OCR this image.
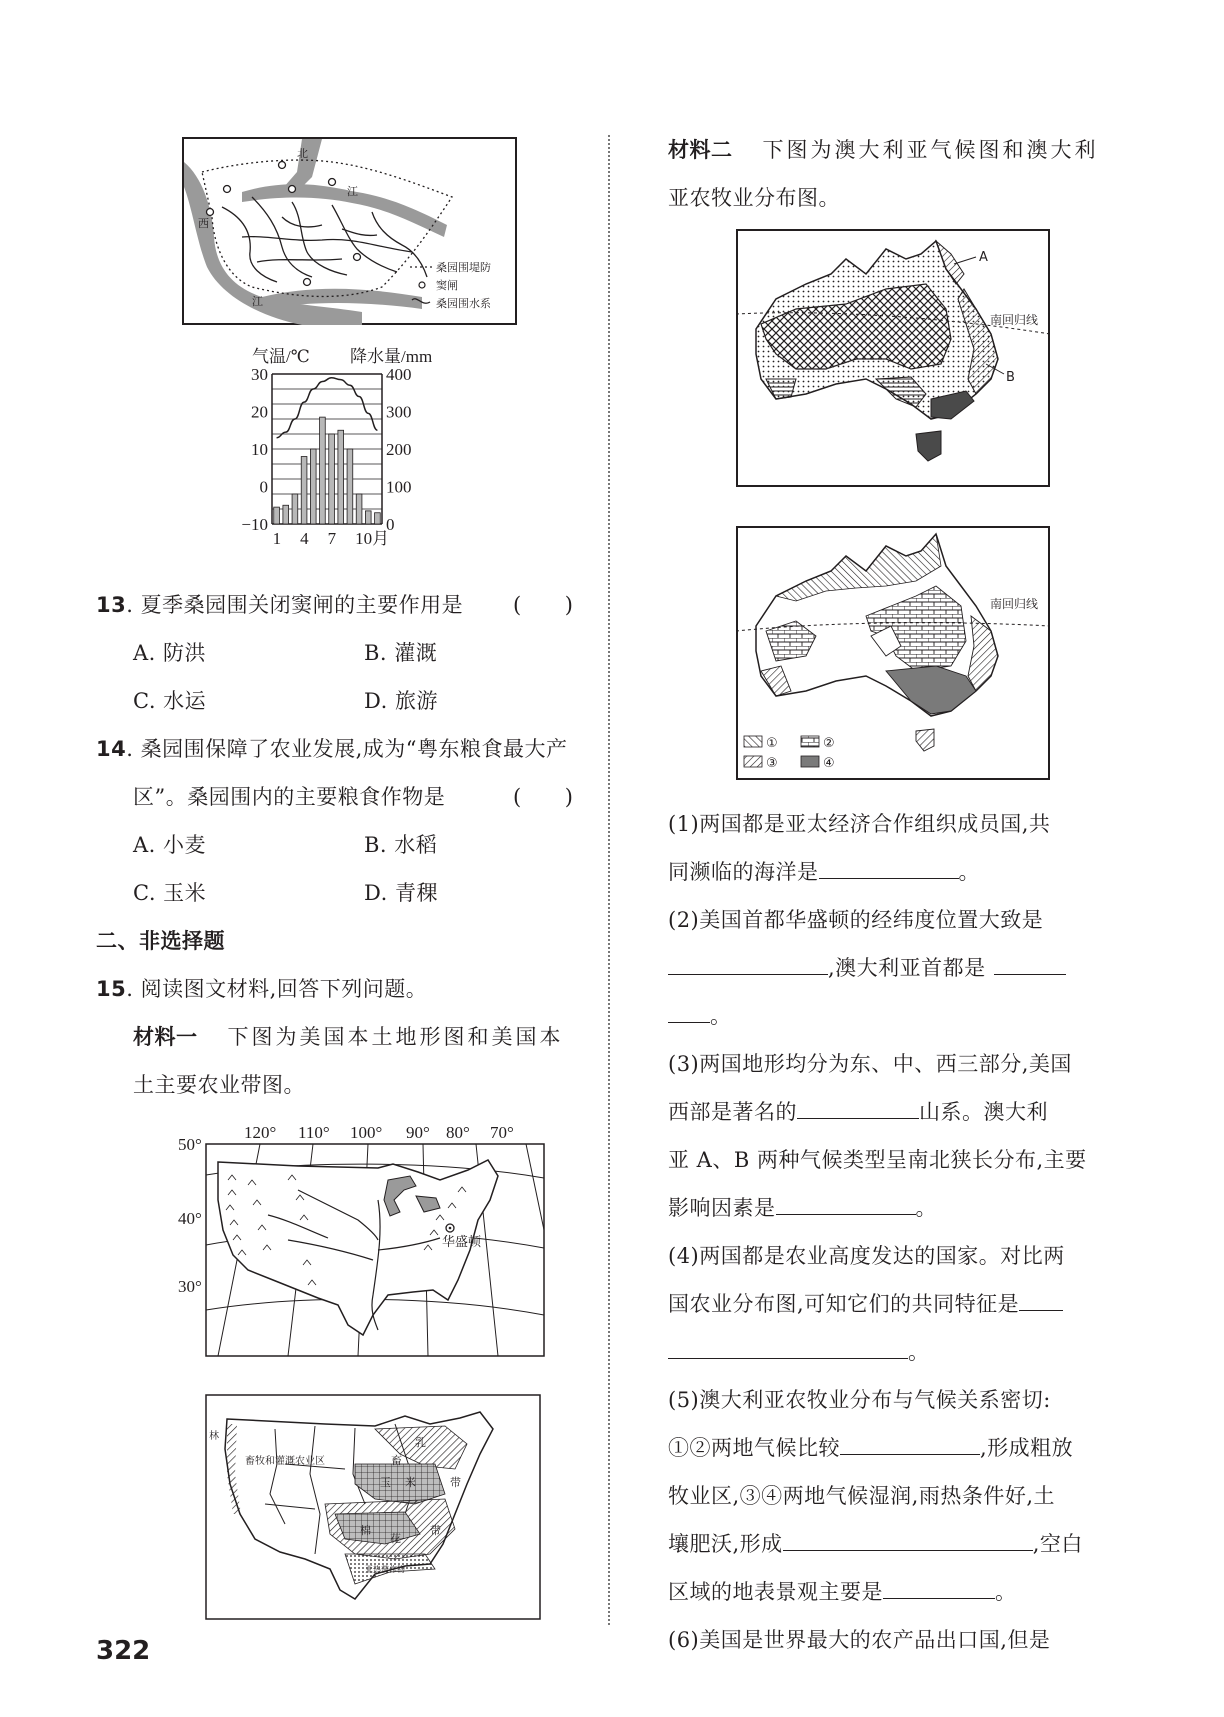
北
江
西
江
桑园围堤防
窦闸
桑园围水系
气温/℃ 降水量/mm
30
20
10
0
−10
400
300
200
100
0
1 4 7 10月
13. 夏季桑园围关闭窦闸的主要作用是 (　　)
A. 防洪	B. 灌溉
C. 水运	D. 旅游
14. 桑园围保障了农业发展,成为“粤东粮食最大产
区”。桑园围内的主要粮食作物是	(　　)
A. 小麦	B. 水稻
C. 玉米	D. 青稞
二、非选择题
15. 阅读图文材料,回答下列问题。
材料一 下图为美国本土地形图和美国本
土主要农业带图。
华盛顿
50°
40°
30°
120° 110° 100° 90° 80° 70°
林
畜牧和灌溉农业区
乳
畜
玉 米	带
棉
花
带
亚热带作物
材料二 下图为澳大利亚气候图和澳大利
亚农牧业分布图。
南回归线
A
B
南回归线
①	②
③	④
(1)两国都是亚太经济合作组织成员国,共
同濒临的海洋是	。
(2)美国首都华盛顿的经纬度位置大致是
,澳大利亚首都是
。
(3)两国地形均分为东、中、西三部分,美国
西部是著名的	山系。澳大利
亚 A、B 两种气候类型呈南北狭长分布,主要
影响因素是	。
(4)两国都是农业高度发达的国家。对比两
国农业分布图,可知它们的共同特征是
。
(5)澳大利亚农牧业分布与气候关系密切:
①②两地气候比较	,形成粗放
牧业区,③④两地气候湿润,雨热条件好,土
壤肥沃,形成	,空白
区域的地表景观主要是	。
(6)美国是世界最大的农产品出口国,但是
322
